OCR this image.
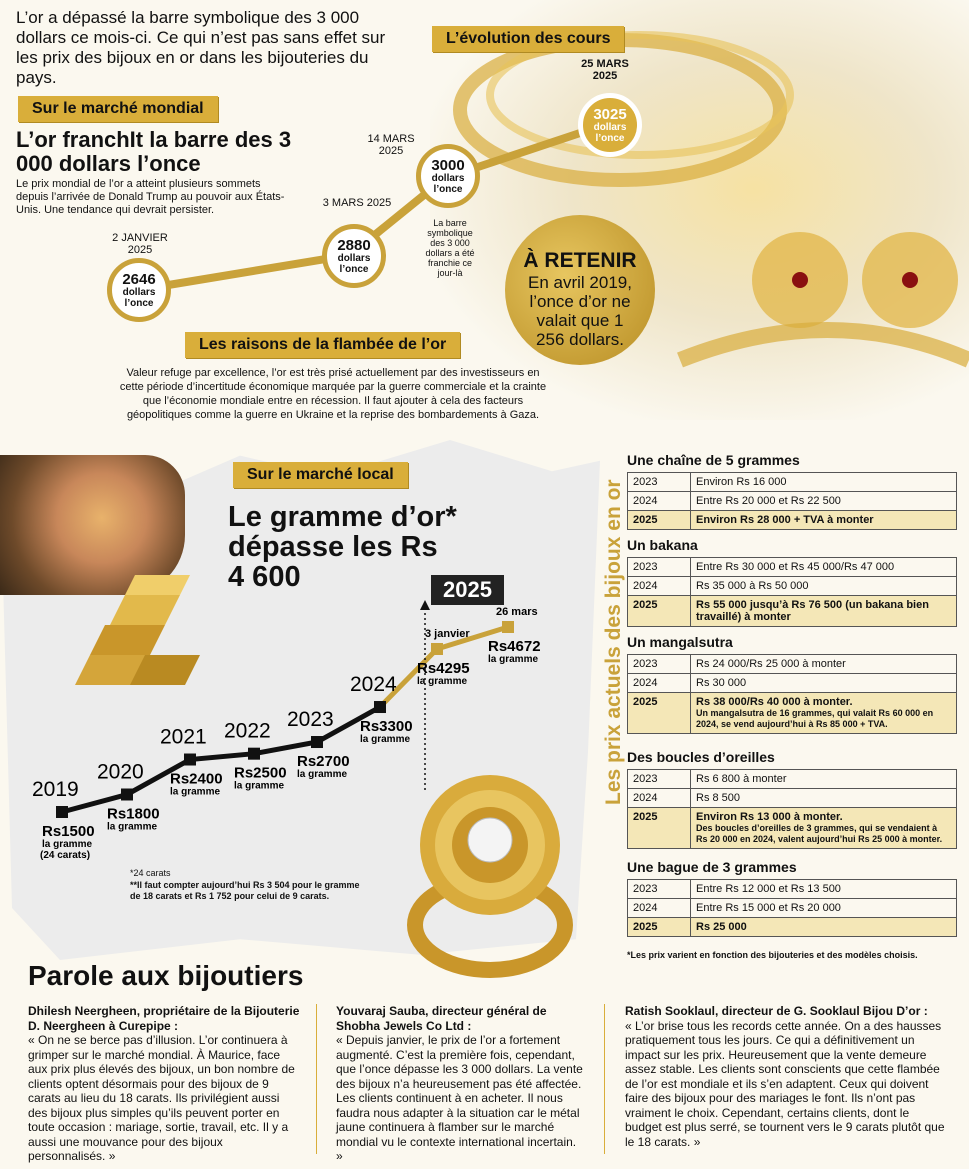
L’or a dépassé la barre symbolique des 3 000 dollars ce mois-ci. Ce qui n’est pas sans effet sur les prix des bijoux en or dans les bijouteries du pays.
L’évolution des cours
Sur le marché mondial
L’or franchIt la barre des 3 000 dollars l’once
Le prix mondial de l’or a atteint plusieurs sommets depuis l’arrivée de Donald Trump au pouvoir aux États-Unis. Une tendance qui devrait persister.
2 JANVIER 2025
2646
dollars l’once
3 MARS 2025
2880
dollars l’once
14 MARS 2025
3000
dollars l’once
La barre symbolique des 3 000 dollars a été franchie ce jour-là
25 MARS 2025
3025
dollars l’once
À RETENIR
En avril 2019, l’once d’or ne valait que 1 256 dollars.
Les raisons de la flambée de l’or
Valeur refuge par excellence, l’or est très prisé actuellement par des investisseurs en cette période d’incertitude économique marquée par la guerre commerciale et la crainte que l’économie mondiale entre en récession. Il faut ajouter à cela des facteurs géopolitiques comme la guerre en Ukraine et la reprise des bombardements à Gaza.
Sur le marché local
Le gramme d’or* dépasse les Rs 4 600
Rs1500
la gramme
2019
(24 carats)
Rs1800
la gramme
2020 Rs2400
la gramme
2021
Rs2500
la gramme
2022
Rs2700
la gramme
2023 Rs3300
la gramme
2024
Rs4295
la gramme
3 janvier
Rs4672
la gramme
26 mars
2025
*24 carats
**Il faut compter aujourd’hui Rs 3 504 pour le gramme de 18 carats et Rs 1 752 pour celui de 9 carats.
Les prix actuels des bijoux en or
Une chaîne de 5 grammes
2023	Environ Rs 16 000
2024	Entre Rs 20 000 et Rs 22 500
2025	Environ Rs 28 000 + TVA à monter
Un bakana
2023	Entre Rs 30 000 et Rs 45 000/Rs 47 000
2024	Rs 35 000 à Rs 50 000
2025	Rs 55 000 jusqu’à Rs 76 500 (un bakana bien travaillé) à monter
Un mangalsutra
2023	Rs 24 000/Rs 25 000 à monter
2024	Rs 30 000
2025	Rs 38 000/Rs 40 000 à monter.
Un mangalsutra de 16 grammes, qui valait Rs 60 000 en 2024, se vend aujourd’hui à Rs 85 000 + TVA.
Des boucles d’oreilles
2023	Rs 6 800 à monter
2024	Rs 8 500
2025	Environ Rs 13 000 à monter.
Des boucles d’oreilles de 3 grammes, qui se vendaient à Rs 20 000 en 2024, valent aujourd’hui Rs 25 000 à monter.
Une bague de 3 grammes
2023	Entre Rs 12 000 et Rs 13 500
2024	Entre Rs 15 000 et Rs 20 000
2025	Rs 25 000
*Les prix varient en fonction des bijouteries et des modèles choisis.
Parole aux bijoutiers
Dhilesh Neergheen, propriétaire de la Bijouterie D. Neergheen à Curepipe :
« On ne se berce pas d’illusion. L’or continuera à grimper sur le marché mondial. À Maurice, face aux prix plus élevés des bijoux, un bon nombre de clients optent désormais pour des bijoux de 9 carats au lieu du 18 carats. Ils privilégient aussi des bijoux plus simples qu’ils peuvent porter en toute occasion : mariage, sortie, travail, etc. Il y a aussi une mouvance pour des bijoux personnalisés. »
Youvaraj Sauba, directeur général de Shobha Jewels Co Ltd :
« Depuis janvier, le prix de l’or a fortement augmenté. C’est la première fois, cependant, que l’once dépasse les 3 000 dollars. La vente des bijoux n’a heureusement pas été affectée. Les clients continuent à en acheter. Il nous faudra nous adapter à la situation car le métal jaune continuera à flamber sur le marché mondial vu le contexte international incertain. »
Ratish Sooklaul, directeur de G. Sooklaul Bijou D’or :
« L’or brise tous les records cette année. On a des hausses pratiquement tous les jours. Ce qui a définitivement un impact sur les prix. Heureusement que la vente demeure assez stable. Les clients sont conscients que cette flambée de l’or est mondiale et ils s’en adaptent. Ceux qui doivent faire des bijoux pour des mariages le font. Ils n’ont pas vraiment le choix. Cependant, certains clients, dont le budget est plus serré, se tournent vers le 9 carats plutôt que le 18 carats. »
